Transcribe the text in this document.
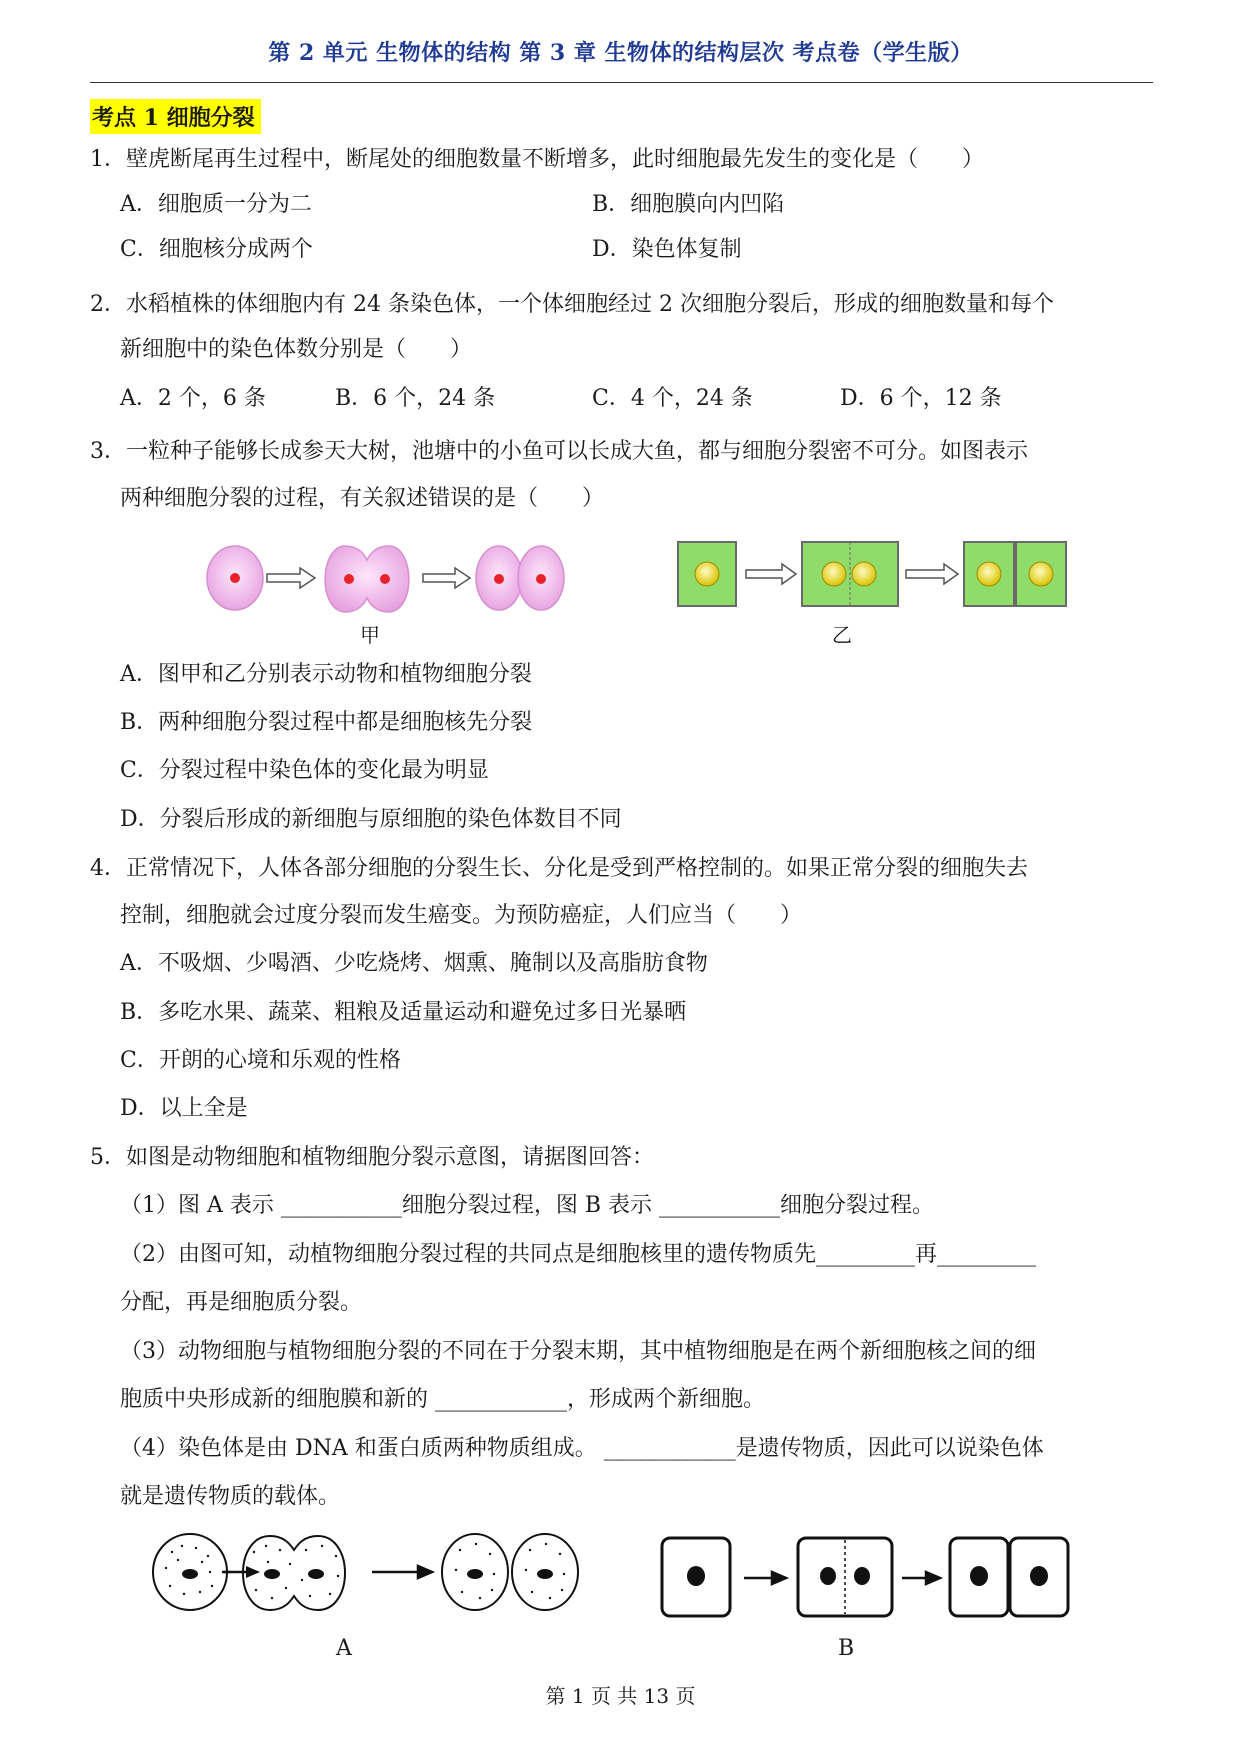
第 2 单元 生物体的结构 第 3 章 生物体的结构层次 考点卷（学生版）
考点 1 细胞分裂
1．壁虎断尾再生过程中，断尾处的细胞数量不断增多，此时细胞最先发生的变化是（　　）
A．细胞质一分为二	B．细胞膜向内凹陷
C．细胞核分成两个	D．染色体复制
2．水稻植株的体细胞内有 24 条染色体，一个体细胞经过 2 次细胞分裂后，形成的细胞数量和每个
新细胞中的染色体数分别是（　　）
A．2 个，6 条	B．6 个，24 条	C．4 个，24 条	D．6 个，12 条
3．一粒种子能够长成参天大树，池塘中的小鱼可以长成大鱼，都与细胞分裂密不可分。如图表示
两种细胞分裂的过程，有关叙述错误的是（　　）
甲	乙
A．图甲和乙分别表示动物和植物细胞分裂
B．两种细胞分裂过程中都是细胞核先分裂
C．分裂过程中染色体的变化最为明显
D．分裂后形成的新细胞与原细胞的染色体数目不同
4．正常情况下，人体各部分细胞的分裂生长、分化是受到严格控制的。如果正常分裂的细胞失去
控制，细胞就会过度分裂而发生癌变。为预防癌症，人们应当（　　）
A．不吸烟、少喝酒、少吃烧烤、烟熏、腌制以及高脂肪食物
B．多吃水果、蔬菜、粗粮及适量运动和避免过多日光暴晒
C．开朗的心境和乐观的性格
D．以上全是
5．如图是动物细胞和植物细胞分裂示意图，请据图回答：
（1）图 A 表示 ___________细胞分裂过程，图 B 表示 ___________细胞分裂过程。
（2）由图可知，动植物细胞分裂过程的共同点是细胞核里的遗传物质先_________再_________
分配，再是细胞质分裂。
（3）动物细胞与植物细胞分裂的不同在于分裂末期，其中植物细胞是在两个新细胞核之间的细
胞质中央形成新的细胞膜和新的 ____________，形成两个新细胞。
（4）染色体是由 DNA 和蛋白质两种物质组成。 ____________是遗传物质，因此可以说染色体
就是遗传物质的载体。
A	B
第 1 页 共 13 页
